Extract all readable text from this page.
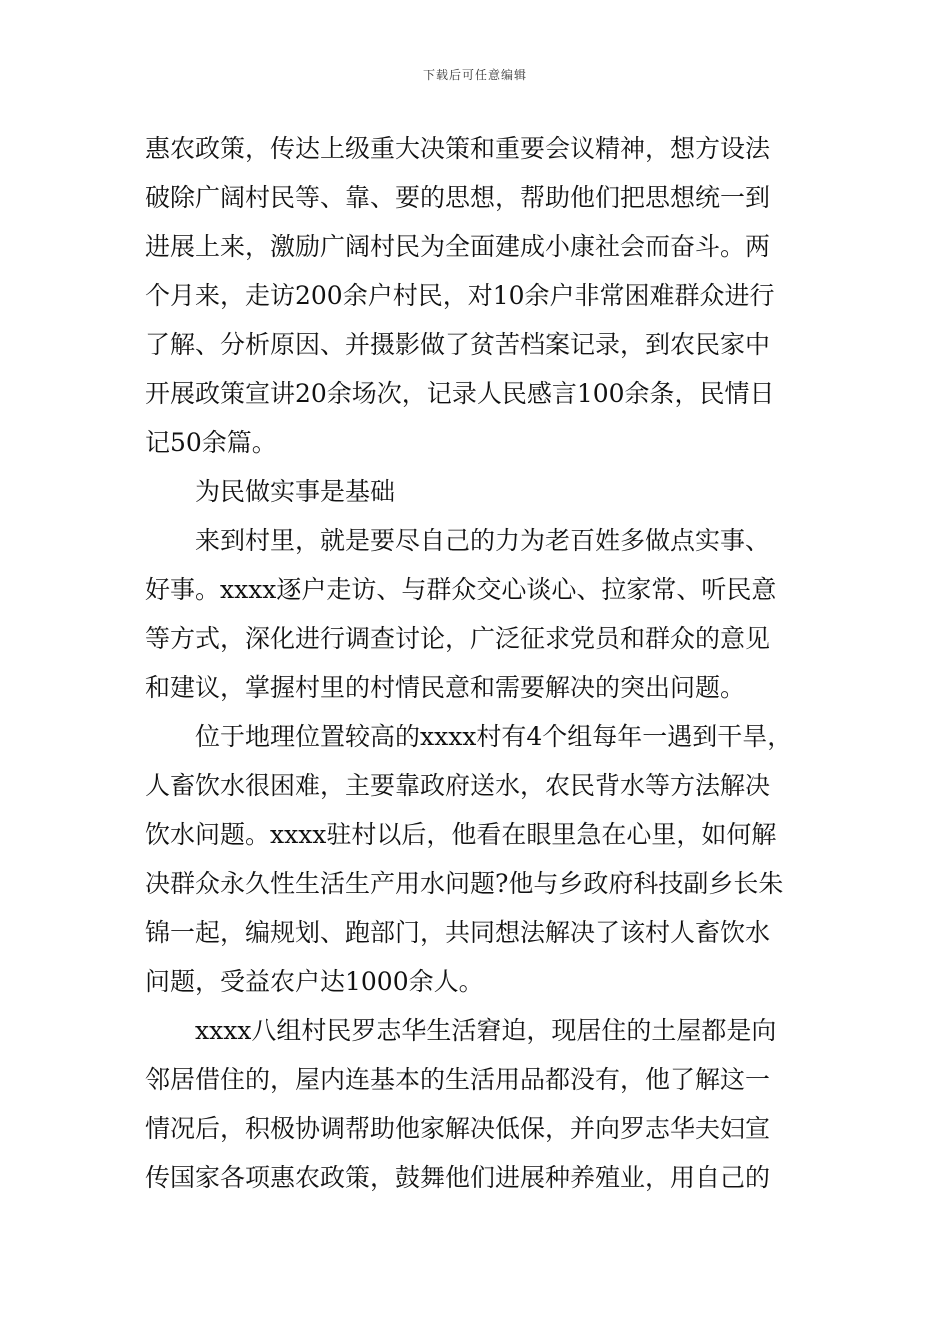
下载后可任意编辑
惠农政策，传达上级重大决策和重要会议精神，想方设法
破除广阔村民等、靠、要的思想，帮助他们把思想统一到
进展上来，激励广阔村民为全面建成小康社会而奋斗。两
个月来，走访200余户村民，对10余户非常困难群众进行
了解、分析原因、并摄影做了贫苦档案记录，到农民家中
开展政策宣讲20余场次，记录人民感言100余条，民情日
记50余篇。
为民做实事是基础
来到村里，就是要尽自己的力为老百姓多做点实事、
好事。xxxx逐户走访、与群众交心谈心、拉家常、听民意
等方式，深化进行调查讨论，广泛征求党员和群众的意见
和建议，掌握村里的村情民意和需要解决的突出问题。
位于地理位置较高的xxxx村有4个组每年一遇到干旱，
人畜饮水很困难，主要靠政府送水，农民背水等方法解决
饮水问题。xxxx驻村以后，他看在眼里急在心里，如何解
决群众永久性生活生产用水问题?他与乡政府科技副乡长朱
锦一起，编规划、跑部门，共同想法解决了该村人畜饮水
问题，受益农户达1000余人。
xxxx八组村民罗志华生活窘迫，现居住的土屋都是向
邻居借住的，屋内连基本的生活用品都没有，他了解这一
情况后，积极协调帮助他家解决低保，并向罗志华夫妇宣
传国家各项惠农政策，鼓舞他们进展种养殖业，用自己的
